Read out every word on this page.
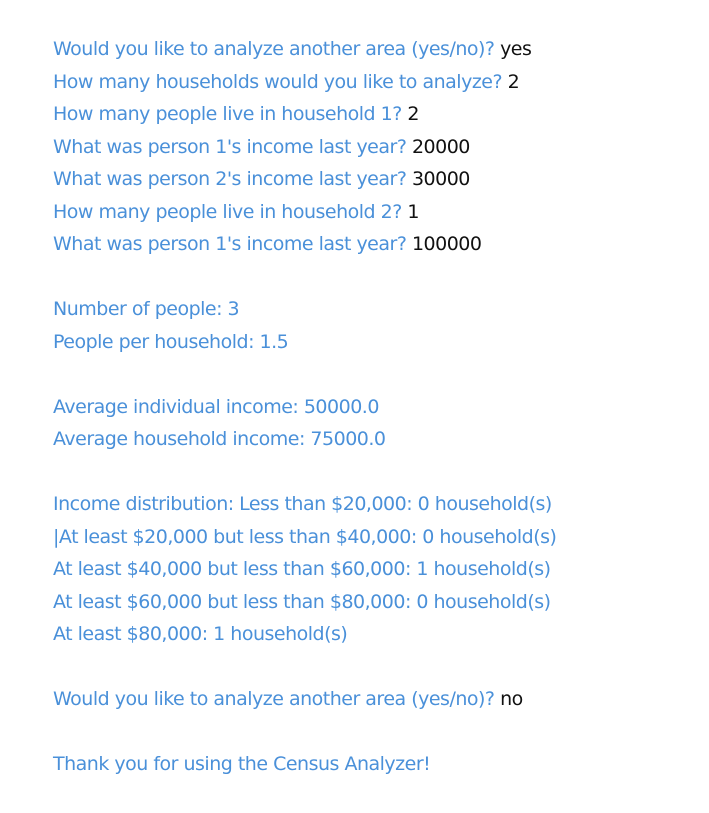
Would you like to analyze another area (yes/no)? yes
How many households would you like to analyze? 2
How many people live in household 1? 2
What was person 1's income last year? 20000
What was person 2's income last year? 30000
How many people live in household 2? 1
What was person 1's income last year? 100000
Number of people: 3
People per household: 1.5
Average individual income: 50000.0
Average household income: 75000.0
Income distribution: Less than $20,000: 0 household(s)
|At least $20,000 but less than $40,000: 0 household(s)
At least $40,000 but less than $60,000: 1 household(s)
At least $60,000 but less than $80,000: 0 household(s)
At least $80,000: 1 household(s)
Would you like to analyze another area (yes/no)? no
Thank you for using the Census Analyzer!
